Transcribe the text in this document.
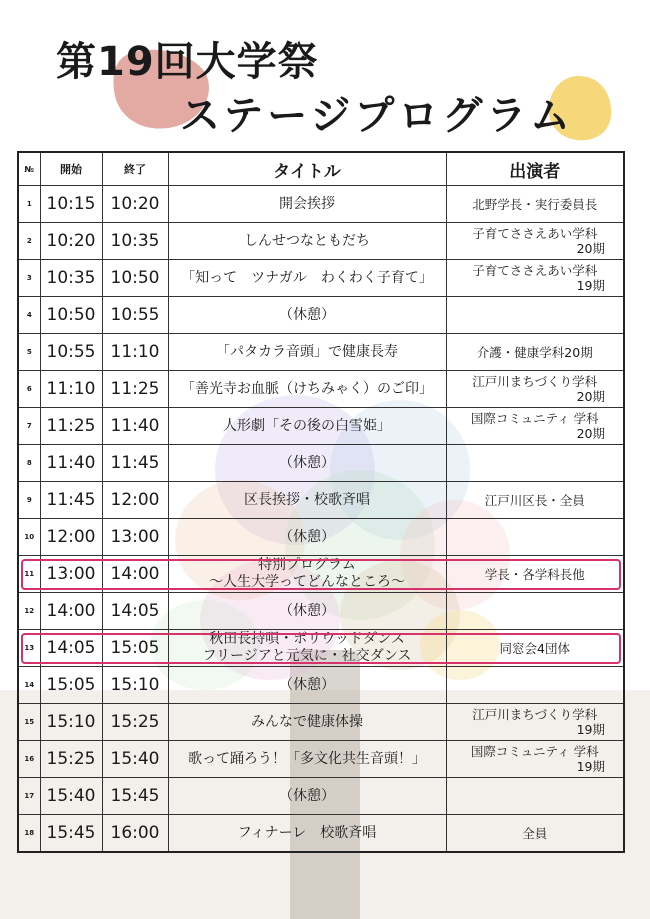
第19回大学祭
ステージプログラム
№	開始	終了	タイトル	出演者
1	10:15	10:20	開会挨拶	北野学長・実行委員長

2	10:20	10:35	しんせつなともだち	子育てささえあい学科
20期

3	10:35	10:50	「知って　ツナガル　わくわく子育て」	子育てささえあい学科
19期

4	10:50	10:55	（休憩）	

5	10:55	11:10	「パタカラ音頭」で健康長寿	介護・健康学科20期

6	11:10	11:25	「善光寺お血脈（けちみゃく）のご印」	江戸川まちづくり学科
20期

7	11:25	11:40	人形劇「その後の白雪姫」	国際コミュニティ 学科
20期

8	11:40	11:45	（休憩）	

9	11:45	12:00	区長挨拶・校歌斉唱	江戸川区長・全員

10	12:00	13:00	（休憩）	

11	13:00	14:00	特別プログラム
～人生大学ってどんなところ～	学長・各学科長他

12	14:00	14:05	（休憩）	

13	14:05	15:05	秋田長持唄・ボリウッドダンス
フリージアと元気に・社交ダンス	同窓会4団体

14	15:05	15:10	（休憩）	

15	15:10	15:25	みんなで健康体操	江戸川まちづくり学科
19期

16	15:25	15:40	歌って踊ろう！「多文化共生音頭！」	国際コミュニティ 学科
19期

17	15:40	15:45	（休憩）	

18	15:45	16:00	フィナーレ　校歌斉唱	全員
